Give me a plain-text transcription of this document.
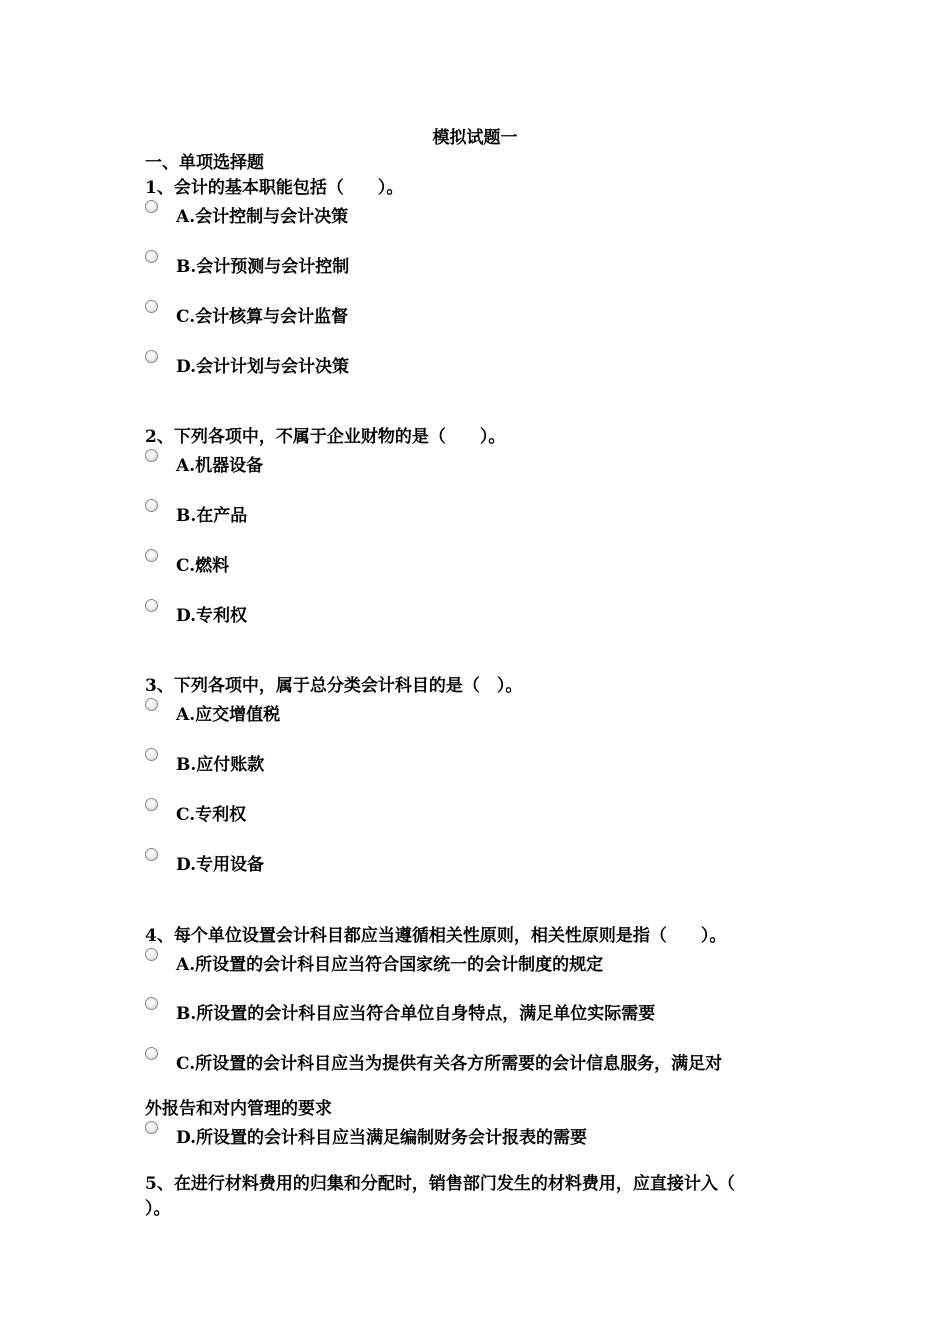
模拟试题一
一、单项选择题
1、会计的基本职能包括（　　）。
A.会计控制与会计决策
B.会计预测与会计控制
C.会计核算与会计监督
D.会计计划与会计决策
2、下列各项中，不属于企业财物的是（　　）。
A.机器设备
B.在产品
C.燃料
D.专利权
3、下列各项中，属于总分类会计科目的是（　）。
A.应交增值税
B.应付账款
C.专利权
D.专用设备
4、每个单位设置会计科目都应当遵循相关性原则，相关性原则是指（　　）。
A.所设置的会计科目应当符合国家统一的会计制度的规定
B.所设置的会计科目应当符合单位自身特点，满足单位实际需要
C.所设置的会计科目应当为提供有关各方所需要的会计信息服务，满足对
外报告和对内管理的要求
D.所设置的会计科目应当满足编制财务会计报表的需要
5、在进行材料费用的归集和分配时，销售部门发生的材料费用，应直接计入（
）。
